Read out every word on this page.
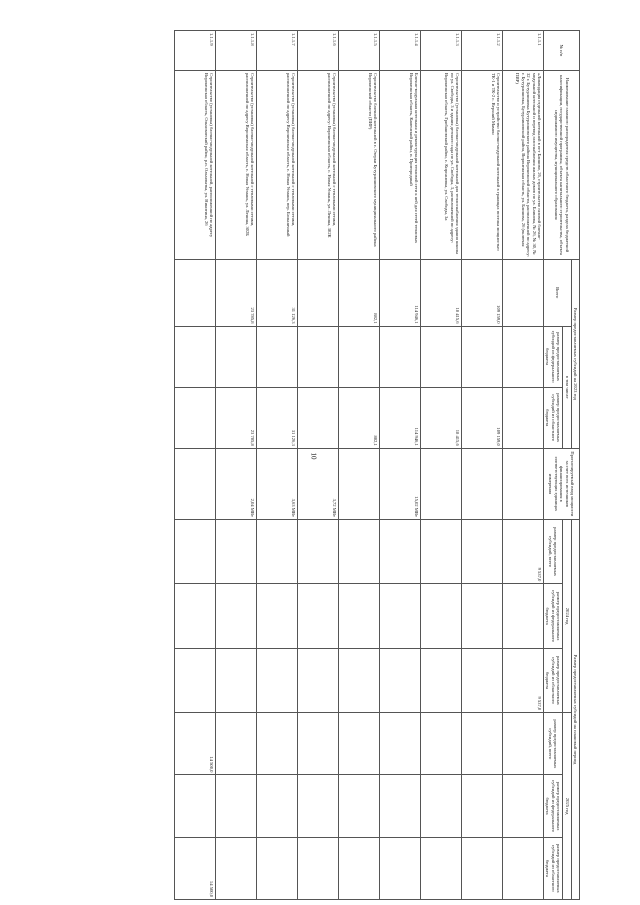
10
№ п/п	Наименование главного распорядителя средств областного бюджета, раздела бюджетной классификации, государственной программы, объекта капитального строительства, объекта недвижимого имущества, муниципального образования	Размер предоставляемых субсидий на 2023 год			Прогнозируемый ввод мощности за счет всех источников финансирования в соответствующих единицах измерения	Размер предоставляемых субсидий на плановый период					
		Всего	в том числе			2024 год			2025 год		
			размер предоставляемых субсидий из федерального бюджета	размер предоставляемых субсидий из областного бюджета		размер предоставляемых субсидий, всего	размер предоставляемых субсидий из федерального бюджета	размер предоставляемых субсидий из областного бюджета	размер предоставляемых субсидий, всего	размер предоставляемых субсидий из федерального бюджета	размер предоставляемых субсидий из областного бюджета
1.1.1.1	«Ликвидация отдельной котельной в пгт Блиново, 26, строительство газовой блочно-модульной котельной и перевод газоснабжения жилых домов по ул. Блинова, № 26, № 30, № 32 г. Бутурлиновка Бутурлиновского района Воронежской области, расположенной по адресу: г. Бутурлиновка, Бутурлиновский район, Воронежская область, ул. Блинова, 26 (включая ПИР)					9 537,0		9 537,0			
1.1.1.2	Строительство и устройство блочно-модульной котельной в границах поселка мощностью ТК-1 и ТК-2 с. Верхний Мамон	109 159,0		109 159,0							
1.1.1.3	Строительство (установка) блочно-модульной котельной для теплоснабжения здания школы по ул. Свободы, 3 и здания детского сада по ул. Свободы, 3, расположенной по адресу: Воронежская область, Грибановский район, с. Кирсановка, ул. Свободы, 3а	18 415,6		18 415,6							
1.1.1.4	Блочно-модульная котельная и реконструкция тепловой сети к ней для сетей тепловых Воронежская область, Каменский район, п. Пригородный	114 946,1		114 946,1	15,02 МВт						
1.1.1.5	Строительство блочной котельной в с. Озерки Бутурлиновского муниципального района Воронежской области (ПИР)	882,1		882,1							
1.1.1.6	Строительство (установка) блочно-модульной котельной с тепловыми сетями, расположенной по адресу: Воронежская область, с. Новая Усмань, ул. Ленина, 302К				3,72 МВт						
1.1.1.7	Строительство (установка) блочно-модульной котельной с тепловыми сетями, расположенной по адресу Воронежская область, с. Новая Усмань, пер. Больничный	31 126,3		31 126,3	3,63 МВт						
1.1.1.8	Строительство (установка) блочно-модульной котельной с тепловыми сетями, расположенной по адресу Воронежская область, с. Новая Усмань, ул. Ленина, 302Б	23 785,8		23 785,8	2,04 МВт						
1.1.1.9	Строительство (установка) блочно-модульной котельной, расположенной по адресу Воронежская область, Ольховатский район, р.п. Ольховатка, ул. Никитина, 26								14 500,0		14 500,0
